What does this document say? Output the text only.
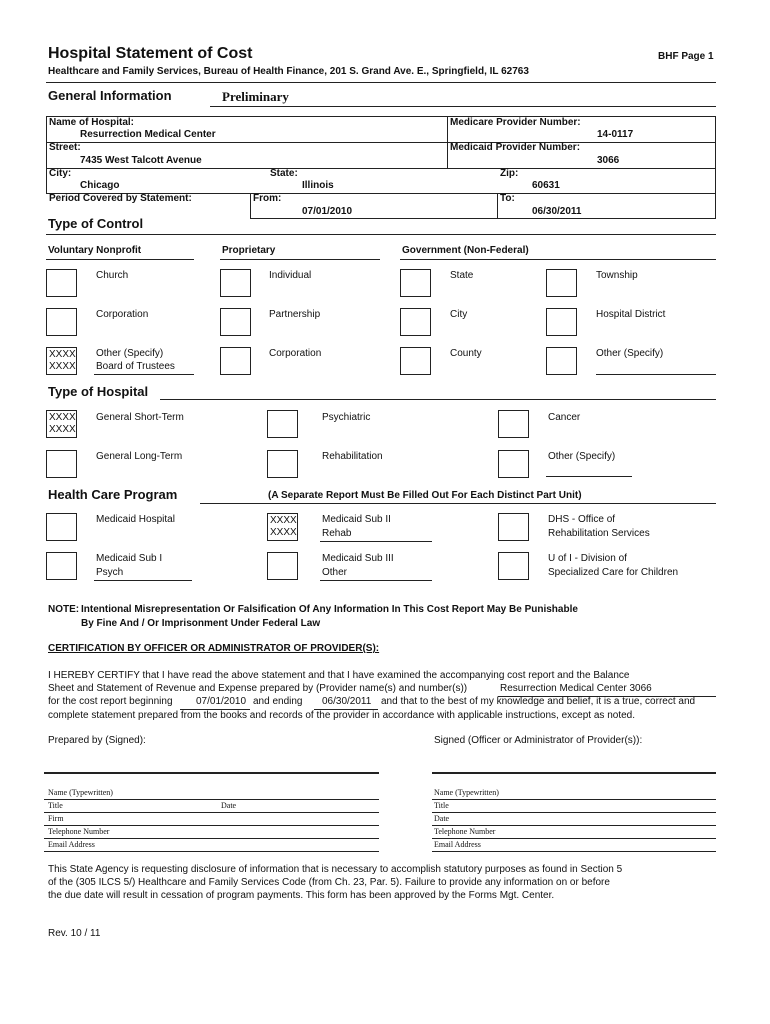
Hospital Statement of Cost	BHF Page 1
Healthcare and Family Services, Bureau of Health Finance, 201 S. Grand Ave. E., Springfield, IL 62763
General Information	Preliminary
Name of Hospital:
Resurrection Medical Center
Street:
7435 West Talcott Avenue
City:
Chicago
State:
Illinois
Zip:
60631
Period Covered by Statement:	From:
07/01/2010
To:
06/30/2011
Medicare Provider Number:
14-0117
Medicaid Provider Number:
3066
Type of Control
Voluntary Nonprofit	Proprietary	Government (Non-Federal)
Church
Corporation
XXXX
XXXX
Other (Specify)
Board of Trustees
Individual
Partnership
Corporation
State
City
County
Township
Hospital District
Other (Specify)
Type of Hospital
XXXX
XXXX
General Short-Term
General Long-Term
Psychiatric
Rehabilitation
Cancer
Other (Specify)
Health Care Program	(A Separate Report Must Be Filled Out For Each Distinct Part Unit)
Medicaid Hospital
Medicaid Sub I
Psych
XXXX
XXXX
Medicaid Sub II
Rehab
Medicaid Sub III
Other
DHS - Office of
Rehabilitation Services
U of I - Division of
Specialized Care for Children
NOTE: Intentional Misrepresentation Or Falsification Of Any Information In This Cost Report May Be Punishable
By Fine And / Or Imprisonment Under Federal Law
CERTIFICATION BY OFFICER OR ADMINISTRATOR OF PROVIDER(S):
I HEREBY CERTIFY that I have read the above statement and that I have examined the accompanying cost report and the Balance
Sheet and Statement of Revenue and Expense prepared by (Provider name(s) and number(s))	Resurrection Medical Center 3066
for the cost report beginning 07/01/2010 and ending 06/30/2011 and that to the best of my knowledge and belief, it is a true, correct and
complete statement prepared from the books and records of the provider in accordance with applicable instructions, except as noted.
Prepared by (Signed):	Signed (Officer or Administrator of Provider(s)):
Name (Typewritten)
Title	Date
Firm
Telephone Number
Email Address
Name (Typewritten)
Title
Date
Telephone Number
Email Address
This State Agency is requesting disclosure of information that is necessary to accomplish statutory purposes as found in Section 5
of the (305 ILCS 5/) Healthcare and Family Services Code (from Ch. 23, Par. 5). Failure to provide any information on or before
the due date will result in cessation of program payments. This form has been approved by the Forms Mgt. Center.
Rev. 10 / 11
